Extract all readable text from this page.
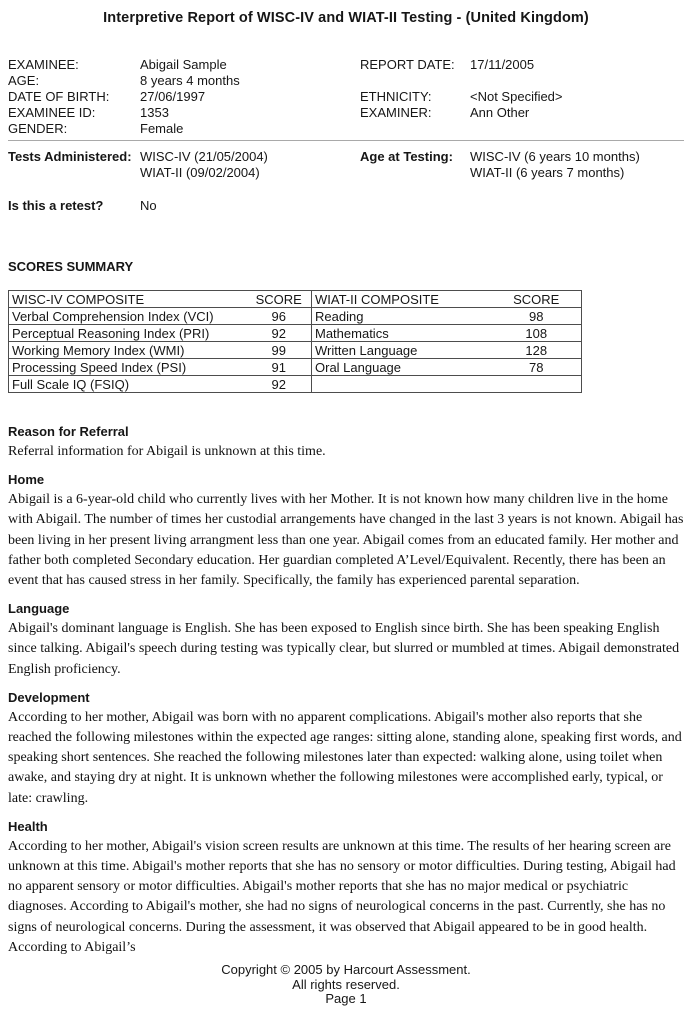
Interpretive Report of WISC-IV and WIAT-II Testing - (United Kingdom)
EXAMINEE:	Abigail Sample	REPORT DATE:	17/11/2005
AGE:	8 years 4 months
DATE OF BIRTH:	27/06/1997	ETHNICITY:	<Not Specified>
EXAMINEE ID:	1353	EXAMINER:	Ann Other
GENDER:	Female
Tests Administered: WISC-IV (21/05/2004)	Age at Testing:	WISC-IV (6 years 10 months)
WIAT-II (09/02/2004)	WIAT-II (6 years 7 months)
Is this a retest?	No
SCORES SUMMARY
WISC-IV COMPOSITE	SCORE	WIAT-II COMPOSITE	SCORE
Verbal Comprehension Index (VCI)	96	Reading	98
Perceptual Reasoning Index (PRI)	92	Mathematics	108
Working Memory Index (WMI)	99	Written Language	128
Processing Speed Index (PSI)	91	Oral Language	78
Full Scale IQ (FSIQ)	92		
Reason for Referral

Referral information for Abigail is unknown at this time.

Home

Abigail is a 6-year-old child who currently lives with her Mother. It is not known how many children live in the home with Abigail. The number of times her custodial arrangements have changed in the last 3 years is not known. Abigail has been living in her present living arrangment less than one year. Abigail comes from an educated family. Her mother and father both completed Secondary education. Her guardian completed A’Level/Equivalent. Recently, there has been an event that has caused stress in her family. Specifically, the family has experienced parental separation.

Language

Abigail's dominant language is English. She has been exposed to English since birth. She has been speaking English since talking. Abigail's speech during testing was typically clear, but slurred or mumbled at times. Abigail demonstrated English proficiency.

Development

According to her mother, Abigail was born with no apparent complications. Abigail's mother also reports that she reached the following milestones within the expected age ranges: sitting alone, standing alone, speaking first words, and speaking short sentences. She reached the following milestones later than expected: walking alone, using toilet when awake, and staying dry at night. It is unknown whether the following milestones were accomplished early, typical, or late: crawling.

Health

According to her mother, Abigail's vision screen results are unknown at this time. The results of her hearing screen are unknown at this time. Abigail's mother reports that she has no sensory or motor difficulties. During testing, Abigail had no apparent sensory or motor difficulties. Abigail's mother reports that she has no major medical or psychiatric diagnoses. According to Abigail's mother, she had no signs of neurological concerns in the past. Currently, she has no signs of neurological concerns. During the assessment, it was observed that Abigail appeared to be in good health. According to Abigail’s

Copyright © 2005 by Harcourt Assessment.
All rights reserved.
Page 1
